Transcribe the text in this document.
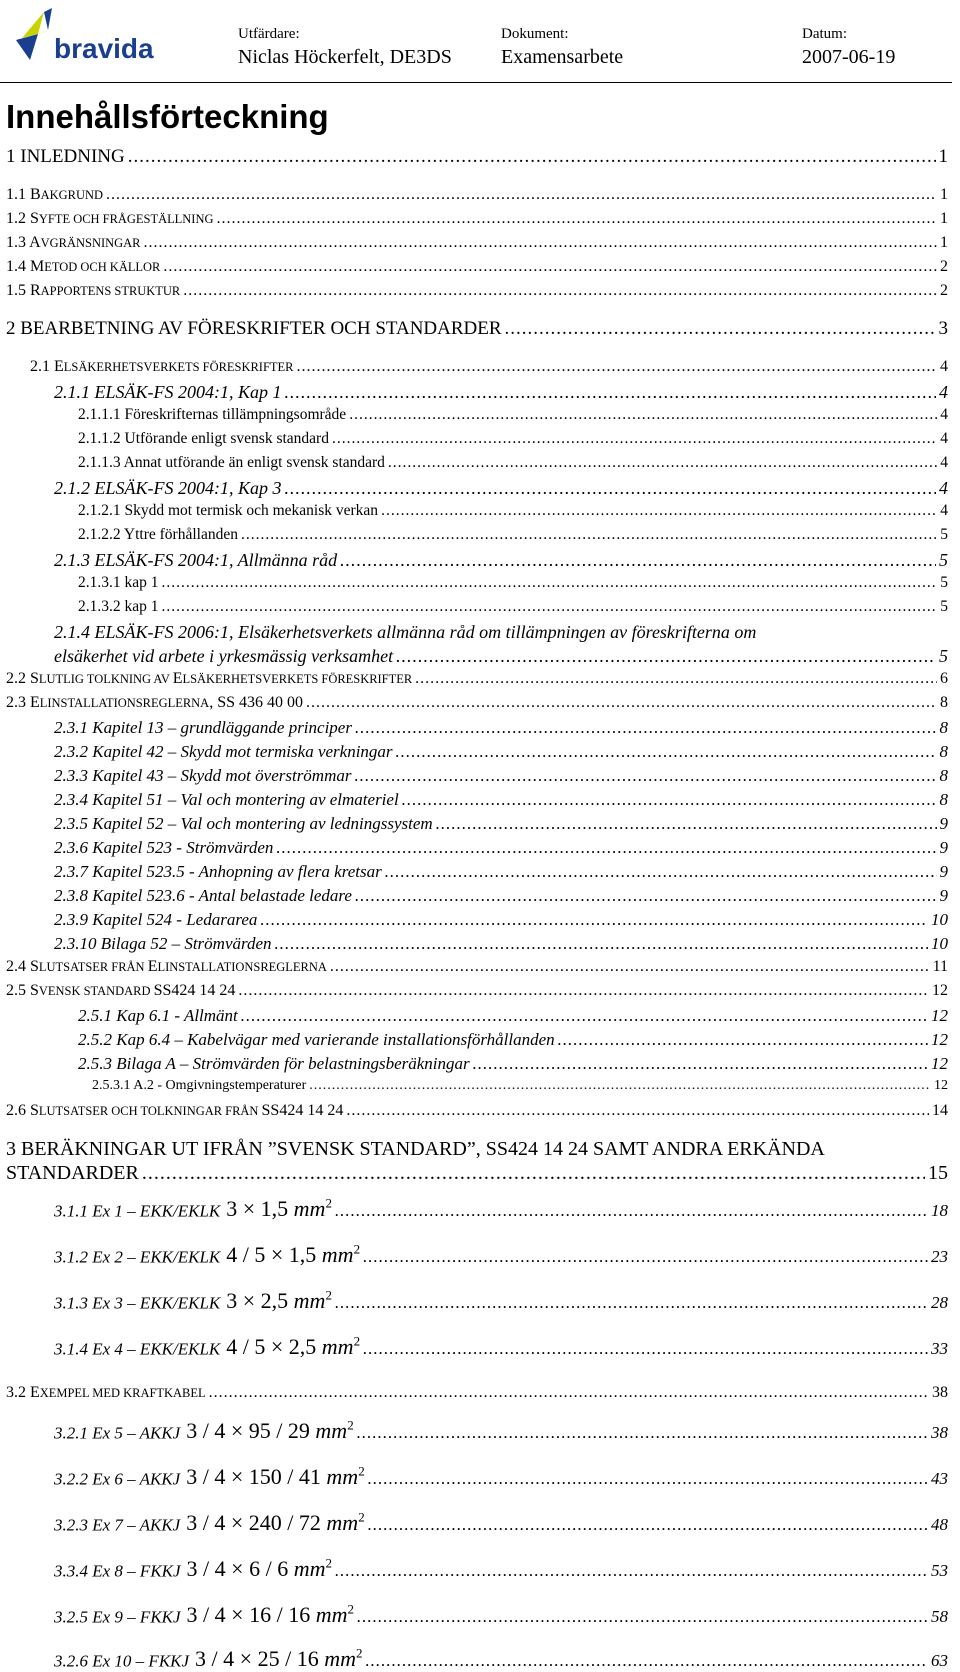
bravida	Utfärdare:
Niclas Höckerfelt, DE3DS
Dokument:
Examensarbete
Datum:
2007-06-19
Innehållsförteckning
1 INLEDNING .....	1
1.1 BAKGRUND .....	1
1.2 SYFTE OCH FRÅGESTÄLLNING .....	1
1.3 AVGRÄNSNINGAR .....	1
1.4 METOD OCH KÄLLOR .....	2
1.5 RAPPORTENS STRUKTUR .....	2
2 BEARBETNING AV FÖRESKRIFTER OCH STANDARDER .....	3
2.1 ELSÄKERHETSVERKETS FÖRESKRIFTER .....	4
2.1.1 ELSÄK-FS 2004:1, Kap 1 .....	4
2.1.1.1 Föreskrifternas tillämpningsområde .....	4
2.1.1.2 Utförande enligt svensk standard .....	4
2.1.1.3 Annat utförande än enligt svensk standard .....	4
2.1.2 ELSÄK-FS 2004:1, Kap 3 .....	4
2.1.2.1 Skydd mot termisk och mekanisk verkan .....	4
2.1.2.2 Yttre förhållanden .....	5
2.1.3 ELSÄK-FS 2004:1, Allmänna råd .....	5
2.1.3.1 kap 1 .....	5
2.1.3.2 kap 1 .....	5
2.1.4 ELSÄK-FS 2006:1, Elsäkerhetsverkets allmänna råd om tillämpningen av föreskrifterna om
elsäkerhet vid arbete i yrkesmässig verksamhet .....	5
2.2 SLUTLIG TOLKNING AV ELSÄKERHETSVERKETS FÖRESKRIFTER .....	6
2.3 ELINSTALLATIONSREGLERNA, SS 436 40 00 .....	8
2.3.1 Kapitel 13 – grundläggande principer .....	8
2.3.2 Kapitel 42 – Skydd mot termiska verkningar .....	8
2.3.3 Kapitel 43 – Skydd mot överströmmar .....	8
2.3.4 Kapitel 51 – Val och montering av elmateriel .....	8
2.3.5 Kapitel 52 – Val och montering av ledningssystem .....	9
2.3.6 Kapitel 523 - Strömvärden .....	9
2.3.7 Kapitel 523.5 - Anhopning av flera kretsar .....	9
2.3.8 Kapitel 523.6 - Antal belastade ledare .....	9
2.3.9 Kapitel 524 - Ledararea .....	10
2.3.10 Bilaga 52 – Strömvärden .....	10
2.4 SLUTSATSER FRÅN ELINSTALLATIONSREGLERNA .....	11
2.5 SVENSK STANDARD SS424 14 24 .....	12
2.5.1 Kap 6.1 - Allmänt .....	12
2.5.2 Kap 6.4 – Kabelvägar med varierande installationsförhållanden .....	12
2.5.3 Bilaga A – Strömvärden för belastningsberäkningar .....	12
2.5.3.1 A.2 - Omgivningstemperaturer .....	12
2.6 SLUTSATSER OCH TOLKNINGAR FRÅN SS424 14 24 .....	14
3 BERÄKNINGAR UT IFRÅN ”SVENSK STANDARD”, SS424 14 24 SAMT ANDRA ERKÄNDA
STANDARDER .....	15
3.1.1 Ex 1 – EKK/EKLK 3 × 1,5 $mm^2$ .....	18
3.1.2 Ex 2 – EKK/EKLK 4 / 5 × 1,5 $mm^2$ .....	23
3.1.3 Ex 3 – EKK/EKLK 3 × 2,5 $mm^2$ .....	28
3.1.4 Ex 4 – EKK/EKLK 4 / 5 × 2,5 $mm^2$ .....	33
3.2 EXEMPEL MED KRAFTKABEL .....	38
3.2.1 Ex 5 – AKKJ 3 / 4 × 95 / 29 $mm^2$ .....	38
3.2.2 Ex 6 – AKKJ 3 / 4 × 150 / 41 $mm^2$ .....	43
3.2.3 Ex 7 – AKKJ 3 / 4 × 240 / 72 $mm^2$ .....	48
3.3.4 Ex 8 – FKKJ 3 / 4 × 6 / 6 $mm^2$ .....	53
3.2.5 Ex 9 – FKKJ 3 / 4 × 16 / 16 $mm^2$ .....	58
3.2.6 Ex 10 – FKKJ 3 / 4 × 25 / 16 $mm^2$ .....	63
